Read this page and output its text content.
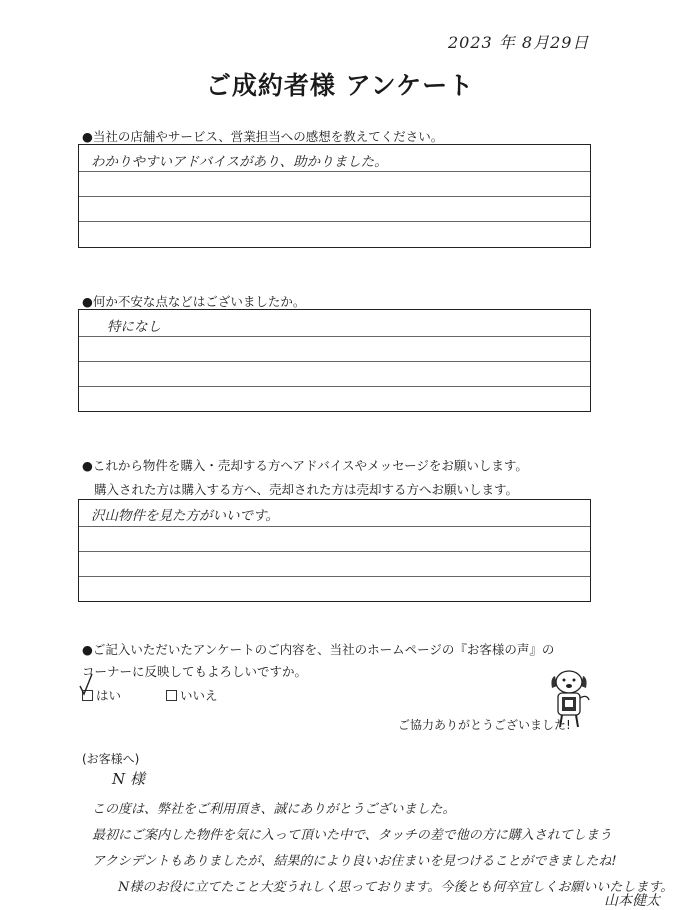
2023 年 8月29日
ご成約者様 アンケート
●当社の店舗やサービス、営業担当への感想を教えてください。
わかりやすいアドバイスがあり、助かりました。
●何か不安な点などはございましたか。
特になし
●これから物件を購入・売却する方へアドバイスやメッセージをお願いします。
購入された方は購入する方へ、売却された方は売却する方へお願いします。
沢山物件を見た方がいいです。
●ご記入いただいたアンケートのご内容を、当社のホームページの『お客様の声』の
コーナーに反映してもよろしいですか。
はい	いいえ
ご協力ありがとうございました!
(お客様へ)
N 様
この度は、弊社をご利用頂き、誠にありがとうございました。
最初にご案内した物件を気に入って頂いた中で、タッチの差で他の方に購入されてしまう
アクシデントもありましたが、結果的により良いお住まいを見つけることができましたね!
N様のお役に立てたこと大変うれしく思っております。今後とも何卒宜しくお願いいたします。
山本健太
